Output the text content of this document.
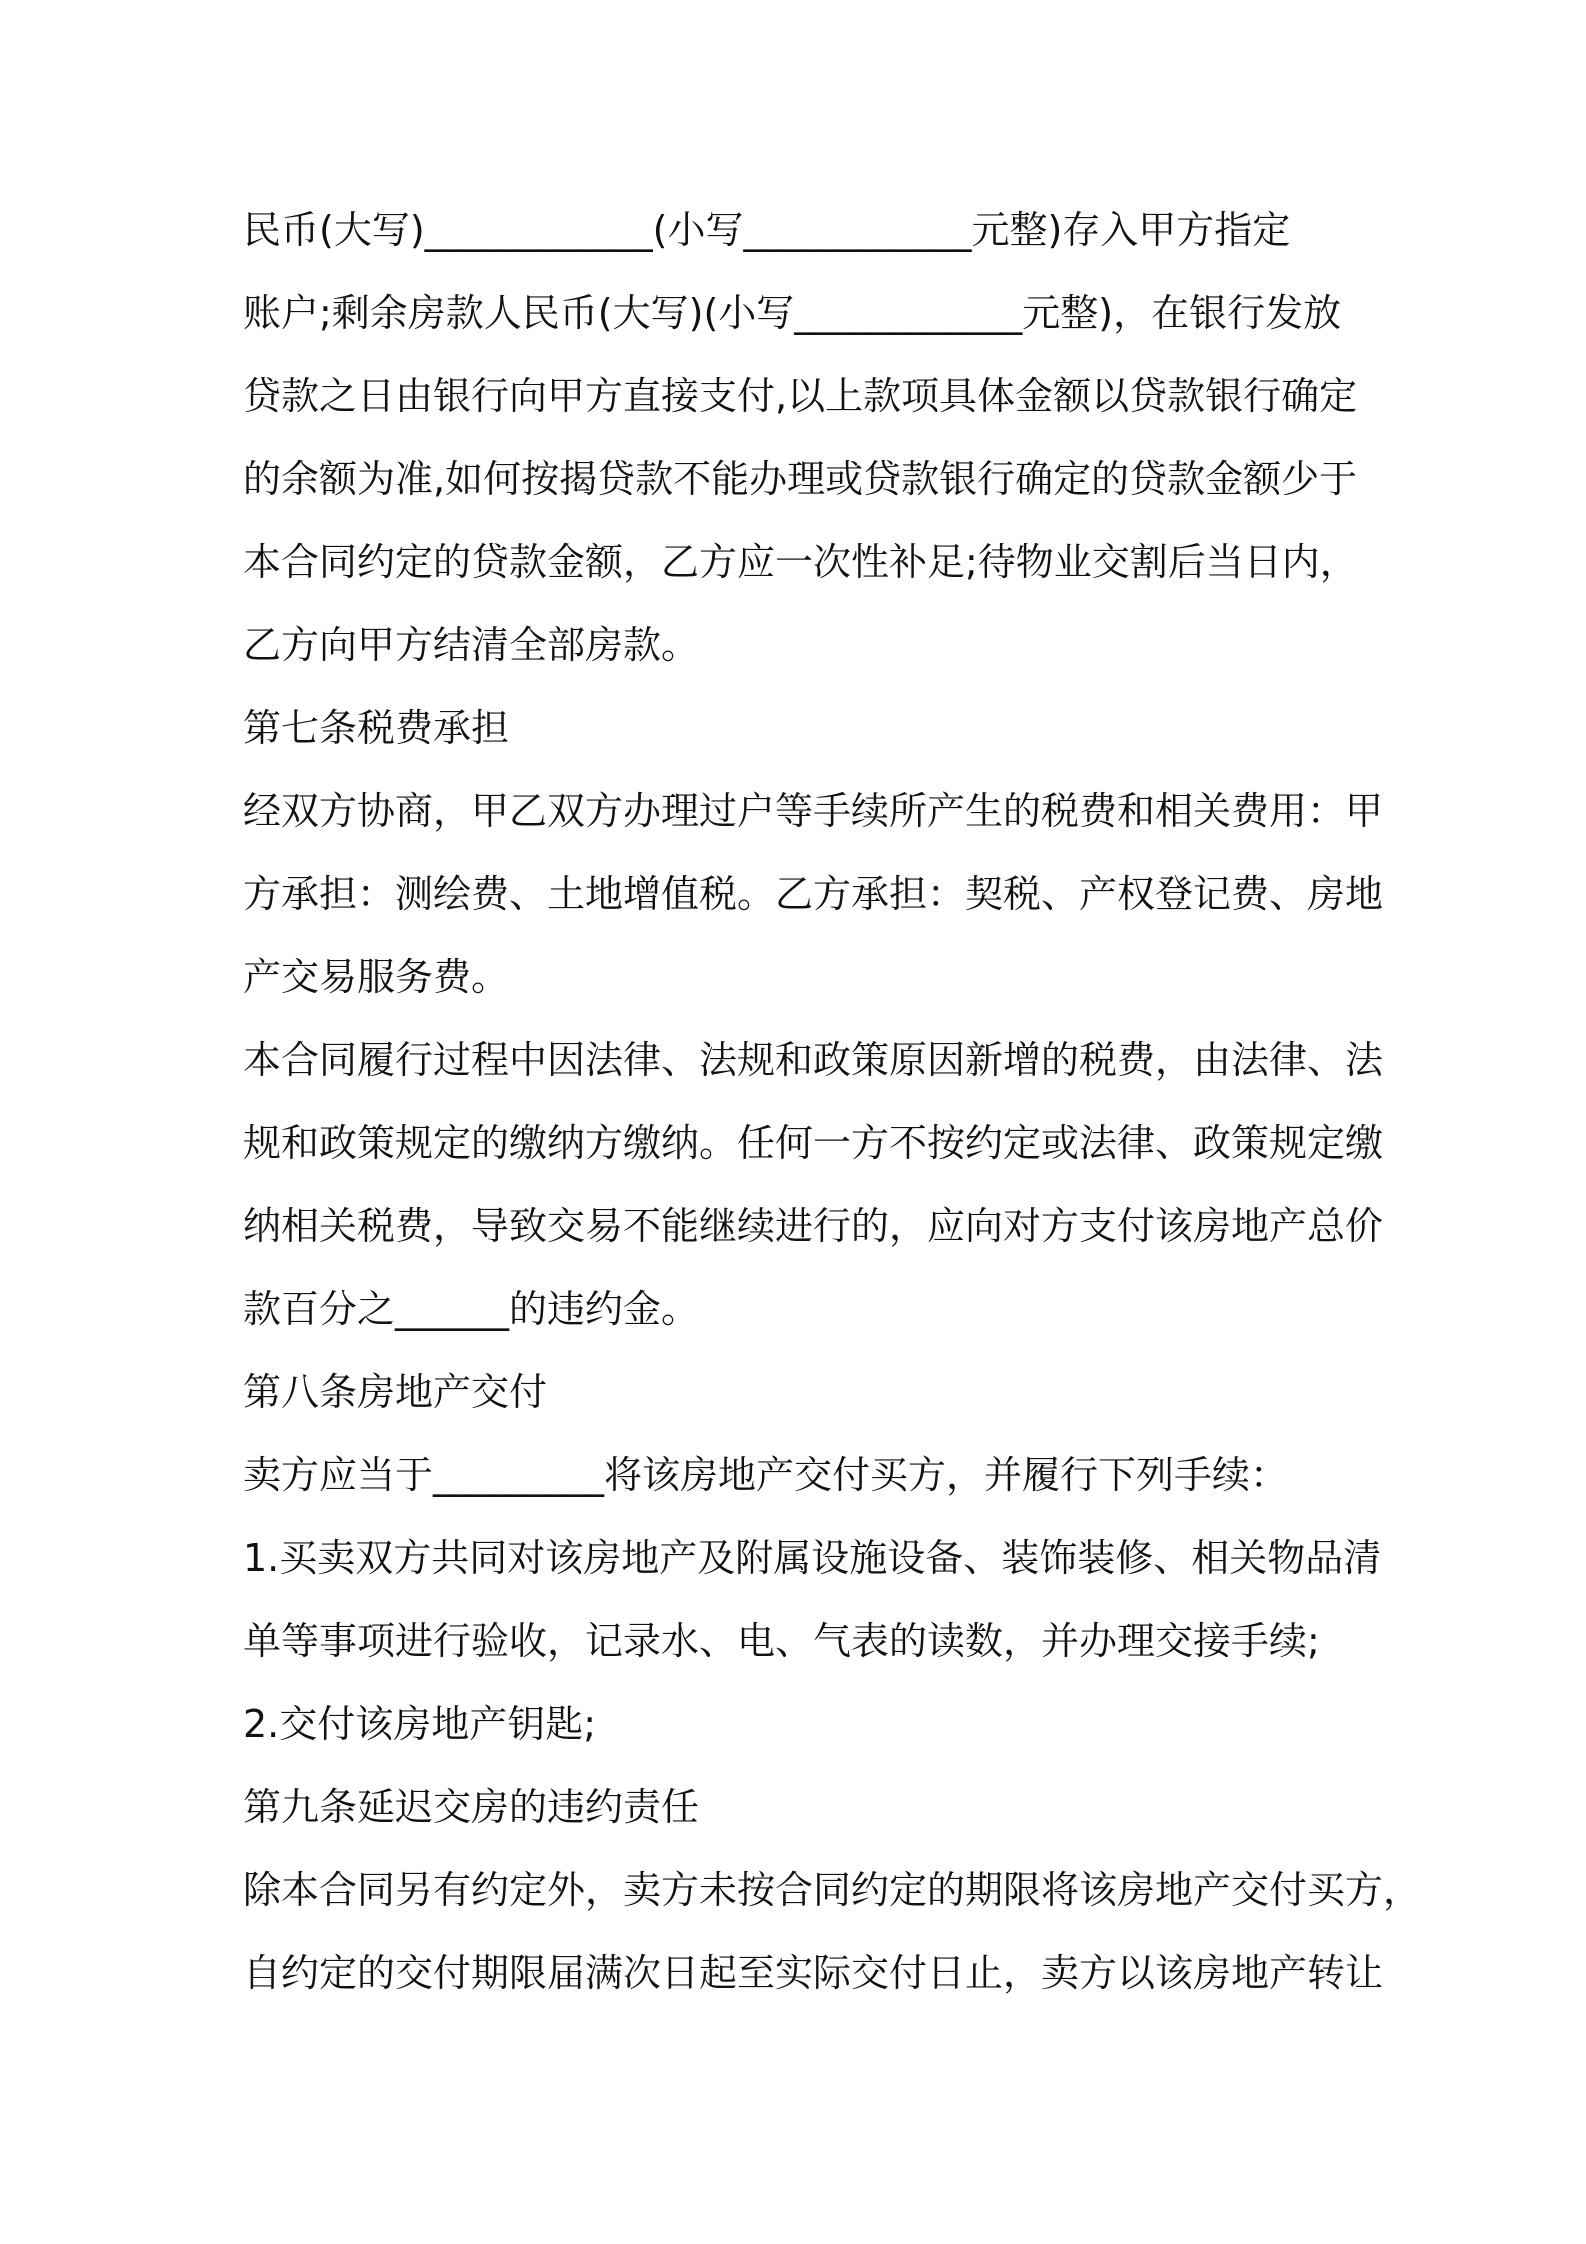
民币(大写)____________(小写____________元整)存入甲方指定
账户;剩余房款人民币(大写)(小写____________元整)，在银行发放
贷款之日由银行向甲方直接支付,以上款项具体金额以贷款银行确定
的余额为准,如何按揭贷款不能办理或贷款银行确定的贷款金额少于
本合同约定的贷款金额，乙方应一次性补足;待物业交割后当日内，
乙方向甲方结清全部房款。
第七条税费承担
经双方协商，甲乙双方办理过户等手续所产生的税费和相关费用：甲
方承担：测绘费、土地增值税。乙方承担：契税、产权登记费、房地
产交易服务费。
本合同履行过程中因法律、法规和政策原因新增的税费，由法律、法
规和政策规定的缴纳方缴纳。任何一方不按约定或法律、政策规定缴
纳相关税费，导致交易不能继续进行的，应向对方支付该房地产总价
款百分之______的违约金。
第八条房地产交付
卖方应当于_________将该房地产交付买方，并履行下列手续：
1.买卖双方共同对该房地产及附属设施设备、装饰装修、相关物品清
单等事项进行验收，记录水、电、气表的读数，并办理交接手续;
2.交付该房地产钥匙;
第九条延迟交房的违约责任
除本合同另有约定外，卖方未按合同约定的期限将该房地产交付买方，
自约定的交付期限届满次日起至实际交付日止，卖方以该房地产转让
